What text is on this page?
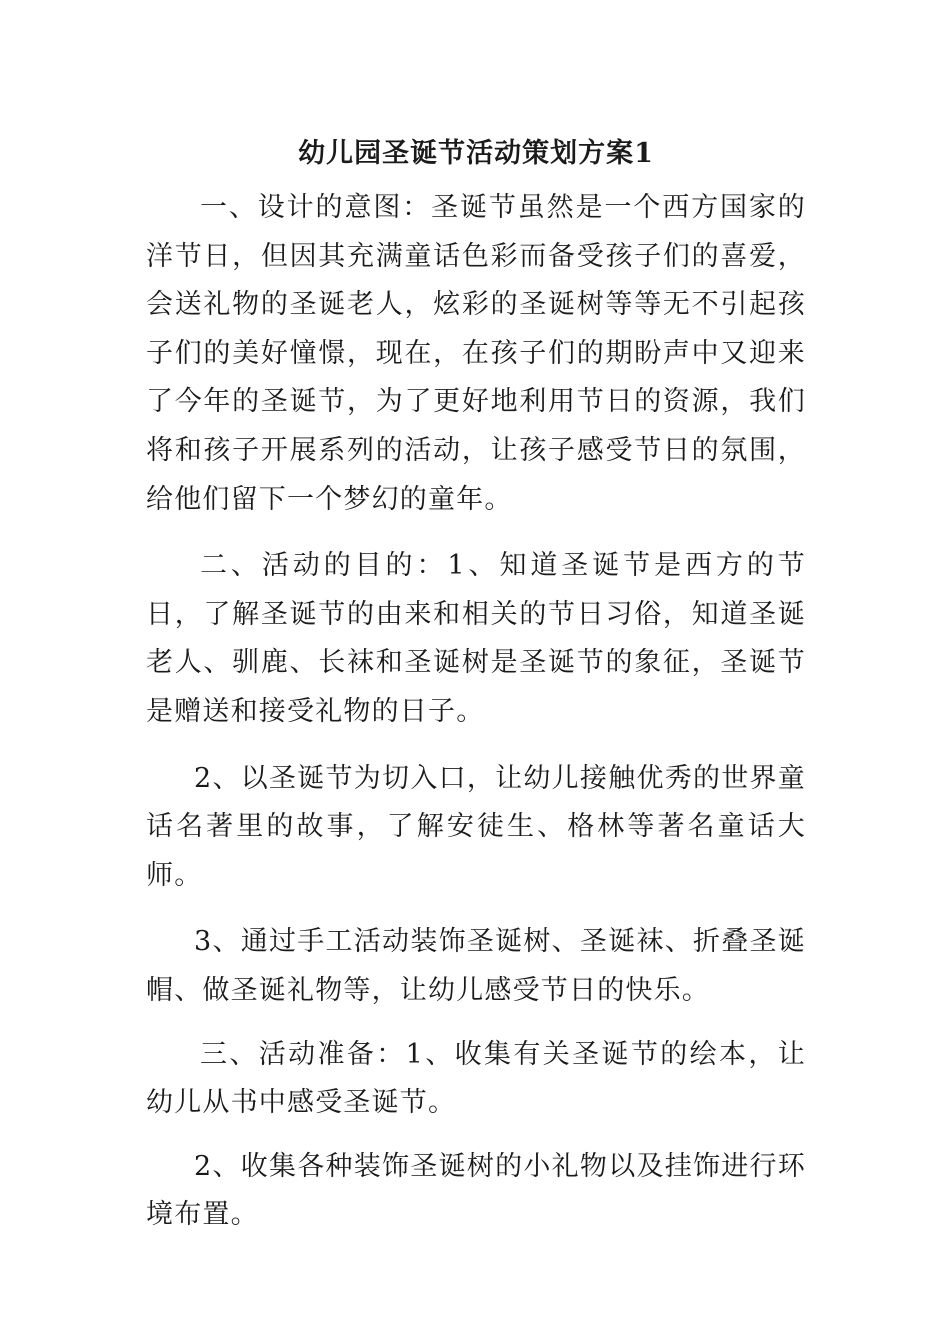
幼儿园圣诞节活动策划方案1

一、设计的意图：圣诞节虽然是一个西方国家的洋节日，但因其充满童话色彩而备受孩子们的喜爱，会送礼物的圣诞老人，炫彩的圣诞树等等无不引起孩子们的美好憧憬，现在，在孩子们的期盼声中又迎来了今年的圣诞节，为了更好地利用节日的资源，我们将和孩子开展系列的活动，让孩子感受节日的氛围，给他们留下一个梦幻的童年。

二、活动的目的：1、知道圣诞节是西方的节日，了解圣诞节的由来和相关的节日习俗，知道圣诞老人、驯鹿、长袜和圣诞树是圣诞节的象征，圣诞节是赠送和接受礼物的日子。

2、以圣诞节为切入口，让幼儿接触优秀的世界童话名著里的故事，了解安徒生、格林等著名童话大师。

3、通过手工活动装饰圣诞树、圣诞袜、折叠圣诞帽、做圣诞礼物等，让幼儿感受节日的快乐。

三、活动准备：1、收集有关圣诞节的绘本，让幼儿从书中感受圣诞节。

2、收集各种装饰圣诞树的小礼物以及挂饰进行环境布置。
